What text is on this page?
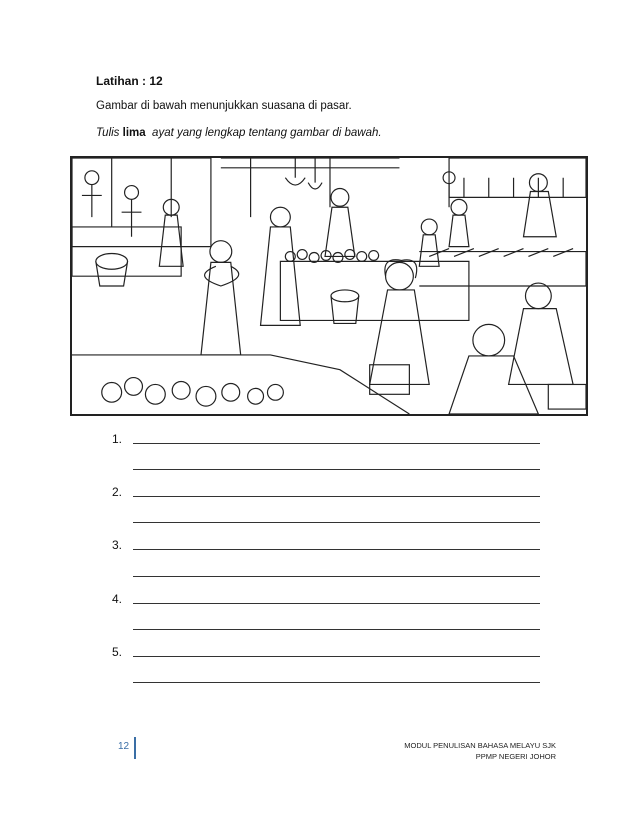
Latihan : 12
Gambar di bawah menunjukkan suasana di pasar.
Tulis lima ayat yang lengkap tentang gambar di bawah.
1.
2.
3.
4.
5.
12	MODUL PENULISAN BAHASA MELAYU SJK
PPMP NEGERI JOHOR
